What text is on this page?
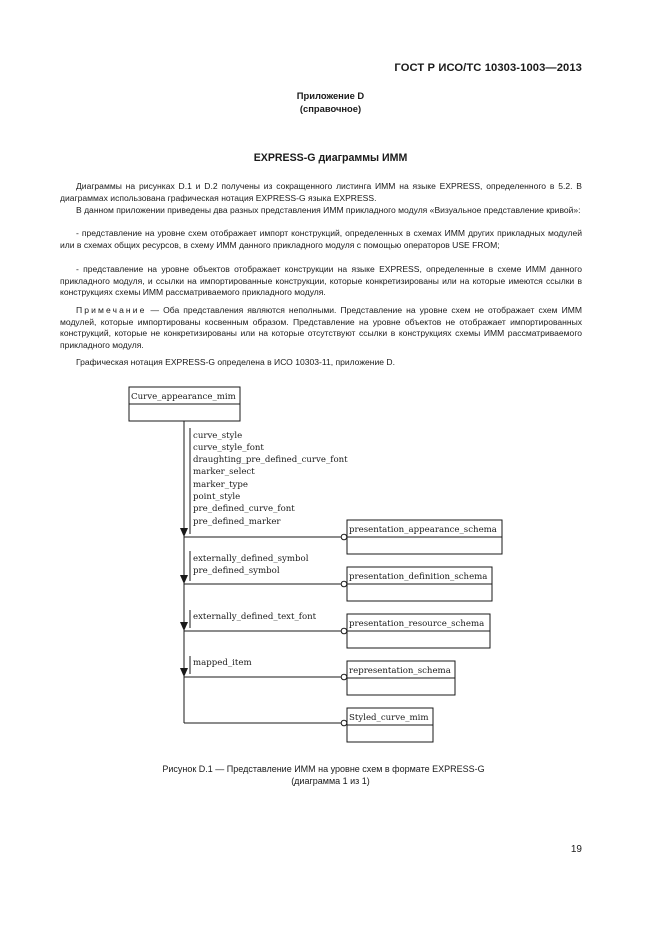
ГОСТ Р ИСО/ТС 10303-1003—2013
Приложение D
(справочное)
EXPRESS-G диаграммы ИММ
Диаграммы на рисунках D.1 и D.2 получены из сокращенного листинга ИММ на языке EXPRESS, определенного в 5.2. В диаграммах использована графическая нотация EXPRESS-G языка EXPRESS.
В данном приложении приведены два разных представления ИММ прикладного модуля «Визуальное представление кривой»:
- представление на уровне схем отображает импорт конструкций, определенных в схемах ИММ других прикладных модулей или в схемах общих ресурсов, в схему ИММ данного прикладного модуля с помощью операторов USE FROM;
- представление на уровне объектов отображает конструкции на языке EXPRESS, определенные в схеме ИММ данного прикладного модуля, и ссылки на импортированные конструкции, которые конкретизированы или на которые имеются ссылки в конструкциях схемы ИММ рассматриваемого прикладного модуля.
Примечание — Оба представления являются неполными. Представление на уровне схем не отображает схем ИММ модулей, которые импортированы косвенным образом. Представление на уровне объектов не отображает импортированных конструкций, которые не конкретизированы или на которые отсутствуют ссылки в конструкциях схемы ИММ рассматриваемого прикладного модуля.
Графическая нотация EXPRESS-G определена в ИСО 10303-11, приложение D.
Curve_appearance_mim
curve_style
curve_style_font
draughting_pre_defined_curve_font
marker_select
marker_type
point_style
pre_defined_curve_font
pre_defined_marker
presentation_appearance_schema
externally_defined_symbol
pre_defined_symbol
presentation_definition_schema
externally_defined_text_font
presentation_resource_schema
mapped_item
representation_schema
Styled_curve_mim
Рисунок D.1 — Представление ИММ на уровне схем в формате EXPRESS-G
(диаграмма 1 из 1)
19
